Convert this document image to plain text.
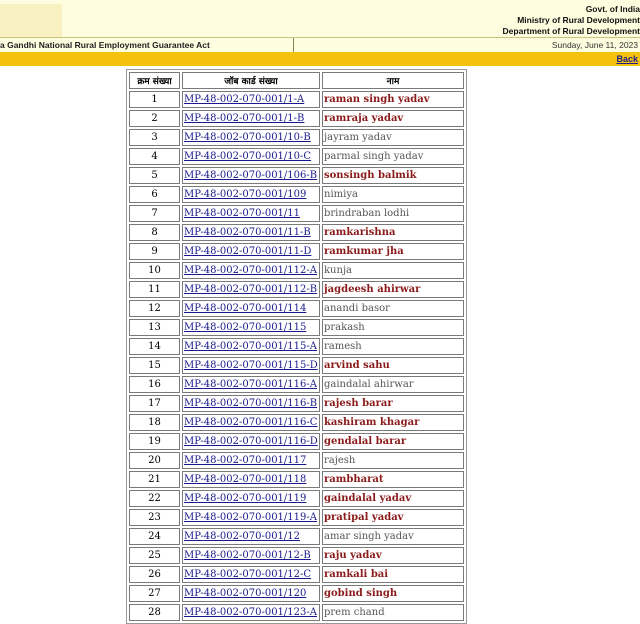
Govt. of India
Ministry of Rural Development
Department of Rural Development
a Gandhi National Rural Employment Guarantee Act	Sunday, June 11, 2023
Back
क्रम संख्या	जॉब कार्ड संख्या	नाम
1	MP-48-002-070-001/1-A	raman singh yadav
2	MP-48-002-070-001/1-B	ramraja yadav
3	MP-48-002-070-001/10-B	jayram yadav
4	MP-48-002-070-001/10-C	parmal singh yadav
5	MP-48-002-070-001/106-B	sonsingh balmik
6	MP-48-002-070-001/109	nimiya
7	MP-48-002-070-001/11	brindraban lodhi
8	MP-48-002-070-001/11-B	ramkarishna
9	MP-48-002-070-001/11-D	ramkumar jha
10	MP-48-002-070-001/112-A	kunja
11	MP-48-002-070-001/112-B	jagdeesh ahirwar
12	MP-48-002-070-001/114	anandi basor
13	MP-48-002-070-001/115	prakash
14	MP-48-002-070-001/115-A	ramesh
15	MP-48-002-070-001/115-D	arvind sahu
16	MP-48-002-070-001/116-A	gaindalal ahirwar
17	MP-48-002-070-001/116-B	rajesh barar
18	MP-48-002-070-001/116-C	kashiram khagar
19	MP-48-002-070-001/116-D	gendalal barar
20	MP-48-002-070-001/117	rajesh
21	MP-48-002-070-001/118	rambharat
22	MP-48-002-070-001/119	gaindalal yadav
23	MP-48-002-070-001/119-A	pratipal yadav
24	MP-48-002-070-001/12	amar singh yadav
25	MP-48-002-070-001/12-B	raju yadav
26	MP-48-002-070-001/12-C	ramkali bai
27	MP-48-002-070-001/120	gobind singh
28	MP-48-002-070-001/123-A	prem chand
